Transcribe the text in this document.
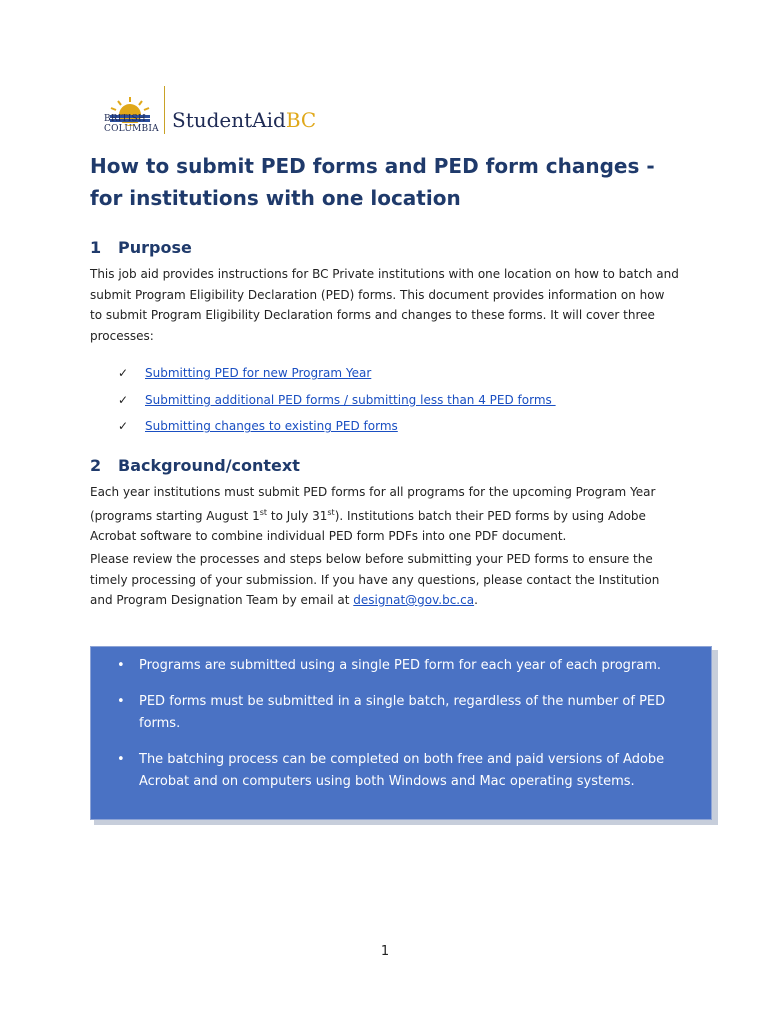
BRITISH
COLUMBIA StudentAidBC
How to submit PED forms and PED form changes - for institutions with one location
1 Purpose

This job aid provides instructions for BC Private institutions with one location on how to batch and submit Program Eligibility Declaration (PED) forms. This document provides information on how to submit Program Eligibility Declaration forms and changes to these forms. It will cover three processes:

✓	Submitting PED for new Program Year
✓	Submitting additional PED forms / submitting less than 4 PED forms
✓	Submitting changes to existing PED forms
2 Background/context

Each year institutions must submit PED forms for all programs for the upcoming Program Year (programs starting August 1st to July 31st). Institutions batch their PED forms by using Adobe Acrobat software to combine individual PED form PDFs into one PDF document.

Please review the processes and steps below before submitting your PED forms to ensure the timely processing of your submission. If you have any questions, please contact the Institution and Program Designation Team by email at designat@gov.bc.ca.

• Programs are submitted using a single PED form for each year of each program.
• PED forms must be submitted in a single batch, regardless of the number of PED forms.
• The batching process can be completed on both free and paid versions of Adobe Acrobat and on computers using both Windows and Mac operating systems.
1
